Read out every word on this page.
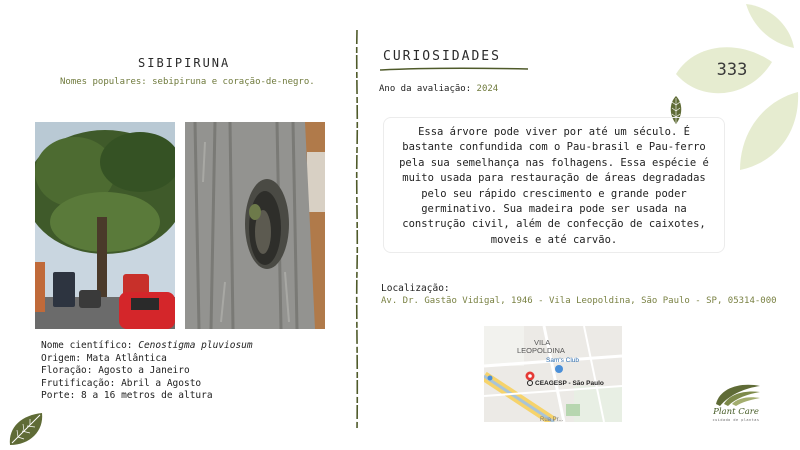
333
SIBIPIRUNA
Nomes populares: sebipiruna e coração-de-negro.
Nome científico: Cenostigma pluviosum
Origem: Mata Atlântica
Floração: Agosto a Janeiro
Frutificação: Abril a Agosto
Porte: 8 a 16 metros de altura
CURIOSIDADES
Ano da avaliação: 2024
Essa árvore pode viver por até um século. É bastante confundida com o Pau-brasil e Pau-ferro pela sua semelhança nas folhagens. Essa espécie é muito usada para restauração de áreas degradadas pelo seu rápido crescimento e grande poder germinativo. Sua madeira pode ser usada na construção civil, além de confecção de caixotes, moveis e até carvão.
Localização:
Av. Dr. Gastão Vidigal, 1946 - Vila Leopoldina, São Paulo - SP, 05314-000
VILA
LEOPOLDINA
Sam's Club
CEAGESP - São Paulo
Rua Pr...
Plant Care
cuidado de plantas
